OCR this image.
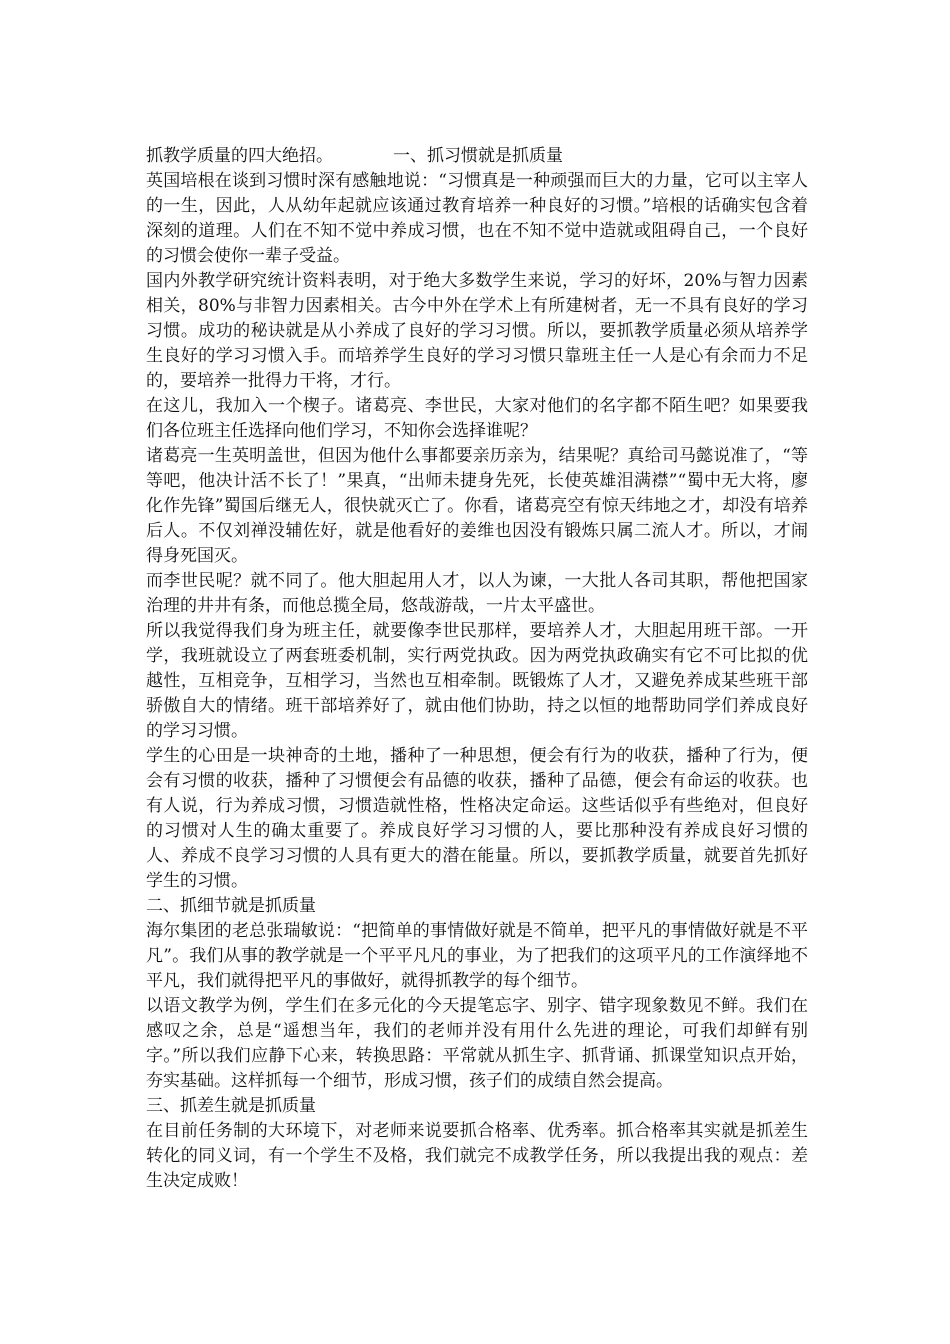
抓教学质量的四大绝招。	一、抓习惯就是抓质量

英国培根在谈到习惯时深有感触地说：“习惯真是一种顽强而巨大的力量，它可以主宰人的一生，因此，人从幼年起就应该通过教育培养一种良好的习惯。”培根的话确实包含着深刻的道理。人们在不知不觉中养成习惯，也在不知不觉中造就或阻碍自己，一个良好的习惯会使你一辈子受益。

国内外教学研究统计资料表明，对于绝大多数学生来说，学习的好坏，20%与智力因素相关，80%与非智力因素相关。古今中外在学术上有所建树者，无一不具有良好的学习习惯。成功的秘诀就是从小养成了良好的学习习惯。所以，要抓教学质量必须从培养学生良好的学习习惯入手。而培养学生良好的学习习惯只靠班主任一人是心有余而力不足的，要培养一批得力干将，才行。

在这儿，我加入一个楔子。诸葛亮、李世民，大家对他们的名字都不陌生吧？如果要我们各位班主任选择向他们学习，不知你会选择谁呢？

诸葛亮一生英明盖世，但因为他什么事都要亲历亲为，结果呢？真给司马懿说准了，“等等吧，他决计活不长了！”果真，“出师未捷身先死，长使英雄泪满襟”“蜀中无大将，廖化作先锋”蜀国后继无人，很快就灭亡了。你看，诸葛亮空有惊天纬地之才，却没有培养后人。不仅刘禅没辅佐好，就是他看好的姜维也因没有锻炼只属二流人才。所以，才闹得身死国灭。

而李世民呢？就不同了。他大胆起用人才，以人为谏，一大批人各司其职，帮他把国家治理的井井有条，而他总揽全局，悠哉游哉，一片太平盛世。

所以我觉得我们身为班主任，就要像李世民那样，要培养人才，大胆起用班干部。一开学，我班就设立了两套班委机制，实行两党执政。因为两党执政确实有它不可比拟的优越性，互相竞争，互相学习，当然也互相牵制。既锻炼了人才，又避免养成某些班干部骄傲自大的情绪。班干部培养好了，就由他们协助，持之以恒的地帮助同学们养成良好的学习习惯。

学生的心田是一块神奇的土地，播种了一种思想，便会有行为的收获，播种了行为，便会有习惯的收获，播种了习惯便会有品德的收获，播种了品德，便会有命运的收获。也有人说，行为养成习惯，习惯造就性格，性格决定命运。这些话似乎有些绝对，但良好的习惯对人生的确太重要了。养成良好学习习惯的人，要比那种没有养成良好习惯的人、养成不良学习习惯的人具有更大的潜在能量。所以，要抓教学质量，就要首先抓好学生的习惯。

二、抓细节就是抓质量

海尔集团的老总张瑞敏说：“把简单的事情做好就是不简单，把平凡的事情做好就是不平凡”。我们从事的教学就是一个平平凡凡的事业，为了把我们的这项平凡的工作演绎地不平凡，我们就得把平凡的事做好，就得抓教学的每个细节。

以语文教学为例，学生们在多元化的今天提笔忘字、别字、错字现象数见不鲜。我们在感叹之余，总是“遥想当年，我们的老师并没有用什么先进的理论，可我们却鲜有别字。”所以我们应静下心来，转换思路：平常就从抓生字、抓背诵、抓课堂知识点开始，夯实基础。这样抓每一个细节，形成习惯，孩子们的成绩自然会提高。

三、抓差生就是抓质量

在目前任务制的大环境下，对老师来说要抓合格率、优秀率。抓合格率其实就是抓差生转化的同义词，有一个学生不及格，我们就完不成教学任务，所以我提出我的观点：差生决定成败！
